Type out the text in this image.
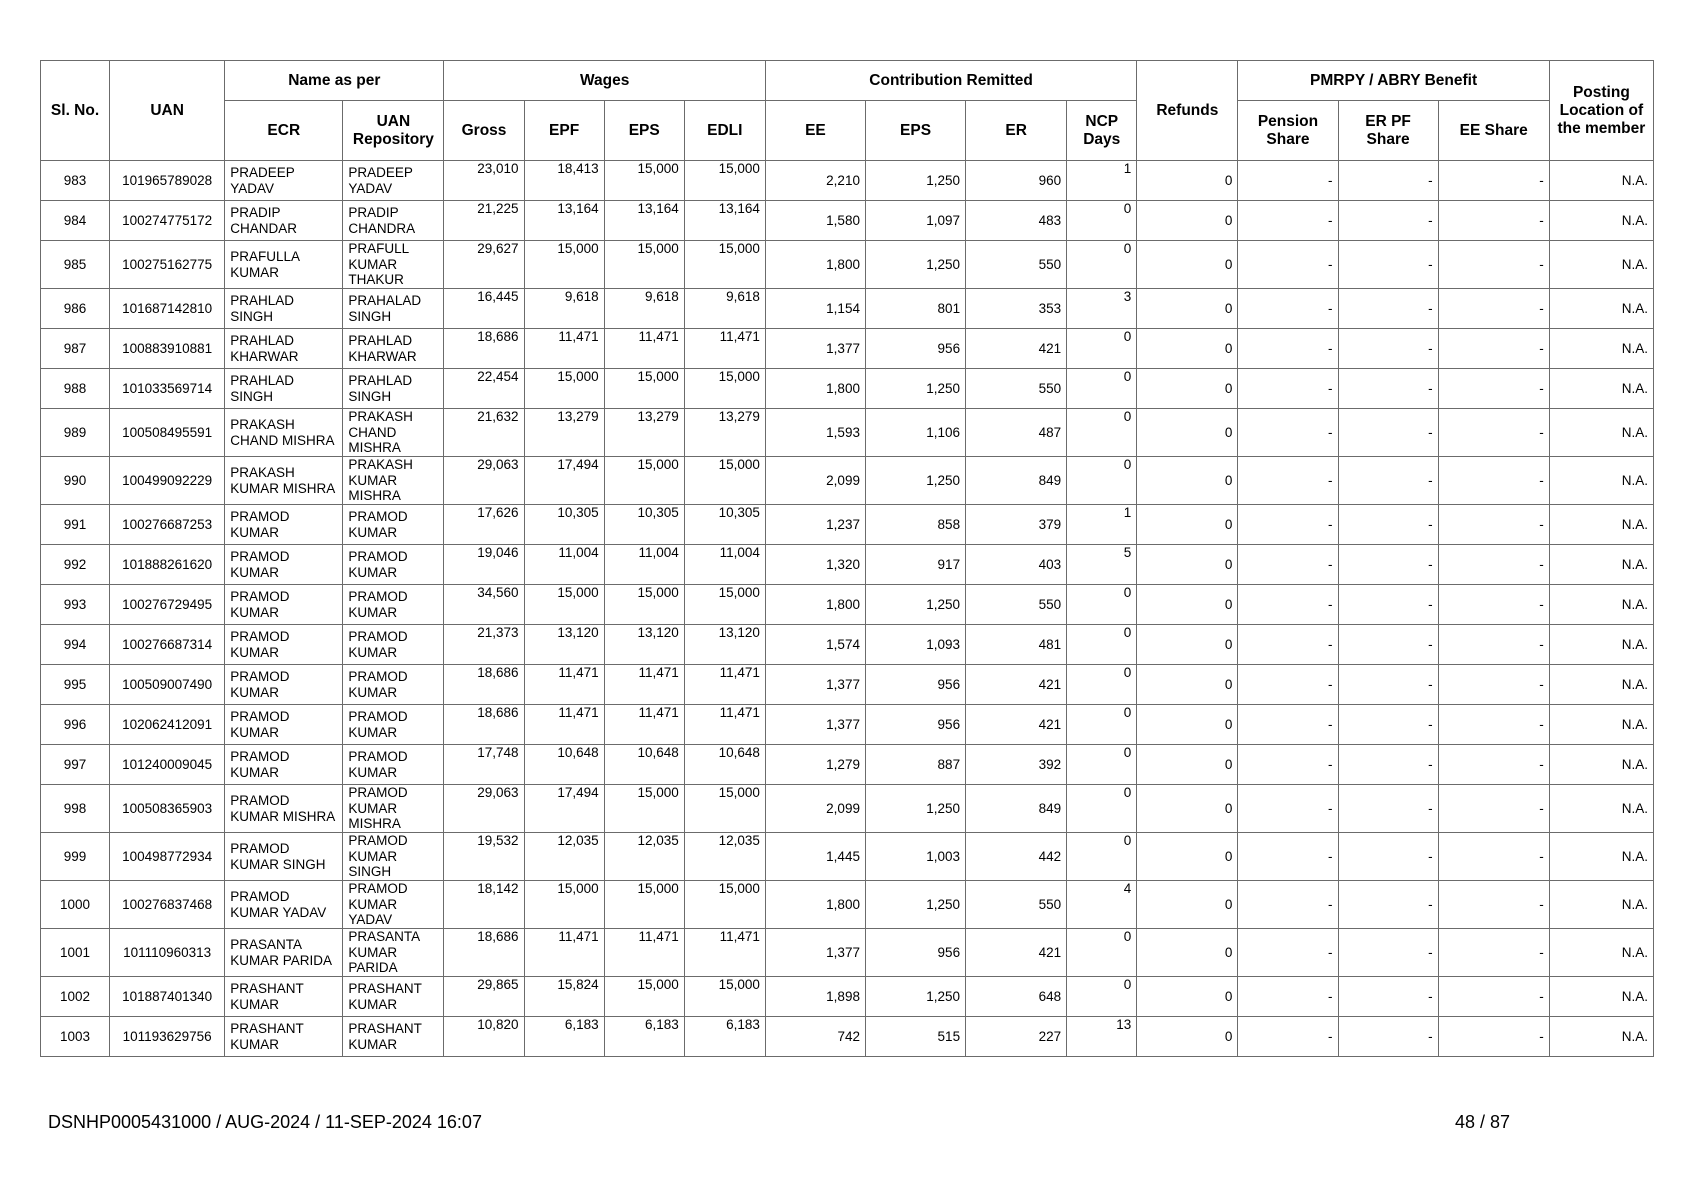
Sl. No.	UAN	Name as per		Wages				Contribution Remitted				Refunds	PMRPY / ABRY Benefit			Posting Location of the member
		ECR	UAN Repository	Gross	EPF	EPS	EDLI	EE	EPS	ER	NCP Days		Pension Share	ER PF Share	EE Share	
983	101965789028	PRADEEP YADAV	PRADEEP YADAV	23,010	18,413	15,000	15,000	2,210	1,250	960	1	0	-	-	-	N.A.
984	100274775172	PRADIP CHANDAR	PRADIP CHANDRA	21,225	13,164	13,164	13,164	1,580	1,097	483	0	0	-	-	-	N.A.
985	100275162775	PRAFULLA KUMAR	PRAFULL KUMAR THAKUR	29,627	15,000	15,000	15,000	1,800	1,250	550	0	0	-	-	-	N.A.
986	101687142810	PRAHLAD SINGH	PRAHALAD SINGH	16,445	9,618	9,618	9,618	1,154	801	353	3	0	-	-	-	N.A.
987	100883910881	PRAHLAD KHARWAR	PRAHLAD KHARWAR	18,686	11,471	11,471	11,471	1,377	956	421	0	0	-	-	-	N.A.
988	101033569714	PRAHLAD SINGH	PRAHLAD SINGH	22,454	15,000	15,000	15,000	1,800	1,250	550	0	0	-	-	-	N.A.
989	100508495591	PRAKASH CHAND MISHRA	PRAKASH CHAND MISHRA	21,632	13,279	13,279	13,279	1,593	1,106	487	0	0	-	-	-	N.A.
990	100499092229	PRAKASH KUMAR MISHRA	PRAKASH KUMAR MISHRA	29,063	17,494	15,000	15,000	2,099	1,250	849	0	0	-	-	-	N.A.
991	100276687253	PRAMOD KUMAR	PRAMOD KUMAR	17,626	10,305	10,305	10,305	1,237	858	379	1	0	-	-	-	N.A.
992	101888261620	PRAMOD KUMAR	PRAMOD KUMAR	19,046	11,004	11,004	11,004	1,320	917	403	5	0	-	-	-	N.A.
993	100276729495	PRAMOD KUMAR	PRAMOD KUMAR	34,560	15,000	15,000	15,000	1,800	1,250	550	0	0	-	-	-	N.A.
994	100276687314	PRAMOD KUMAR	PRAMOD KUMAR	21,373	13,120	13,120	13,120	1,574	1,093	481	0	0	-	-	-	N.A.
995	100509007490	PRAMOD KUMAR	PRAMOD KUMAR	18,686	11,471	11,471	11,471	1,377	956	421	0	0	-	-	-	N.A.
996	102062412091	PRAMOD KUMAR	PRAMOD KUMAR	18,686	11,471	11,471	11,471	1,377	956	421	0	0	-	-	-	N.A.
997	101240009045	PRAMOD KUMAR	PRAMOD KUMAR	17,748	10,648	10,648	10,648	1,279	887	392	0	0	-	-	-	N.A.
998	100508365903	PRAMOD KUMAR MISHRA	PRAMOD KUMAR MISHRA	29,063	17,494	15,000	15,000	2,099	1,250	849	0	0	-	-	-	N.A.
999	100498772934	PRAMOD KUMAR SINGH	PRAMOD KUMAR SINGH	19,532	12,035	12,035	12,035	1,445	1,003	442	0	0	-	-	-	N.A.
1000	100276837468	PRAMOD KUMAR YADAV	PRAMOD KUMAR YADAV	18,142	15,000	15,000	15,000	1,800	1,250	550	4	0	-	-	-	N.A.
1001	101110960313	PRASANTA KUMAR PARIDA	PRASANTA KUMAR PARIDA	18,686	11,471	11,471	11,471	1,377	956	421	0	0	-	-	-	N.A.
1002	101887401340	PRASHANT KUMAR	PRASHANT KUMAR	29,865	15,824	15,000	15,000	1,898	1,250	648	0	0	-	-	-	N.A.
1003	101193629756	PRASHANT KUMAR	PRASHANT KUMAR	10,820	6,183	6,183	6,183	742	515	227	13	0	-	-	-	N.A.
DSNHP0005431000 / AUG-2024 / 11-SEP-2024 16:07	48 / 87
